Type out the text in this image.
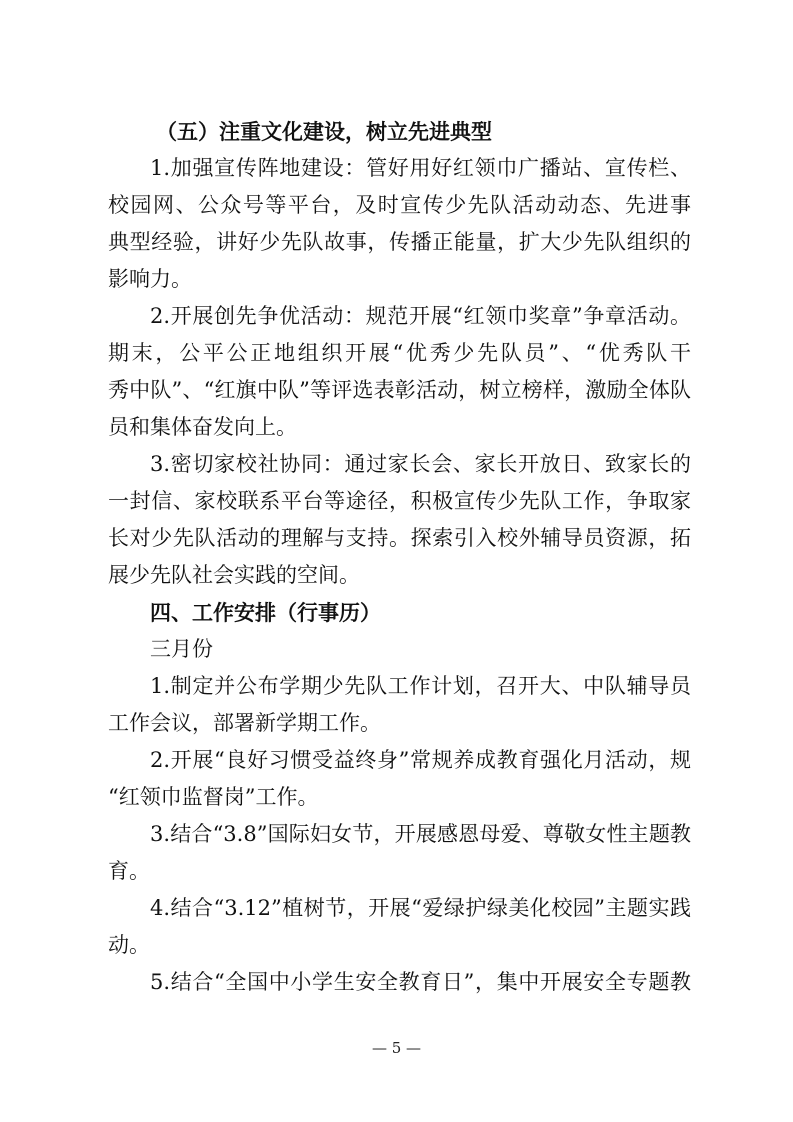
（五）注重文化建设，树立先进典型
1.加强宣传阵地建设：管好用好红领巾广播站、宣传栏、
校园网、公众号等平台，及时宣传少先队活动动态、先进事
典型经验，讲好少先队故事，传播正能量，扩大少先队组织的
影响力。
2.开展创先争优活动：规范开展“红领巾奖章”争章活动。
期末，公平公正地组织开展“优秀少先队员”、“优秀队干
秀中队”、“红旗中队”等评选表彰活动，树立榜样，激励全体队
员和集体奋发向上。
3.密切家校社协同：通过家长会、家长开放日、致家长的
一封信、家校联系平台等途径，积极宣传少先队工作，争取家
长对少先队活动的理解与支持。探索引入校外辅导员资源，拓
展少先队社会实践的空间。
四、工作安排（行事历）
三月份
1.制定并公布学期少先队工作计划，召开大、中队辅导员
工作会议，部署新学期工作。
2.开展“良好习惯受益终身”常规养成教育强化月活动，规
“红领巾监督岗”工作。
3.结合“3.8”国际妇女节，开展感恩母爱、尊敬女性主题教
育。
4.结合“3.12”植树节，开展“爱绿护绿美化校园”主题实践
动。
5.结合“全国中小学生安全教育日”，集中开展安全专题教
— 5 —
